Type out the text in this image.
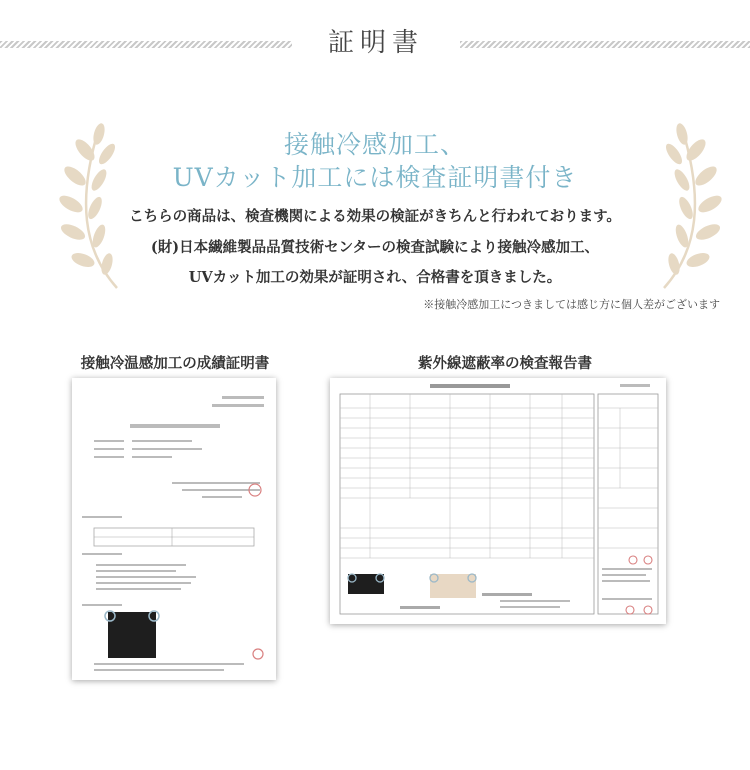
証明書
接触冷感加工、
UVカット加工には検査証明書付き
こちらの商品は、検査機関による効果の検証がきちんと行われております。
(財)日本繊維製品品質技術センターの検査試験により接触冷感加工、
UVカット加工の効果が証明され、合格書を頂きました。
※接触冷感加工につきましては感じ方に個人差がございます
接触冷温感加工の成績証明書	紫外線遮蔽率の検査報告書
